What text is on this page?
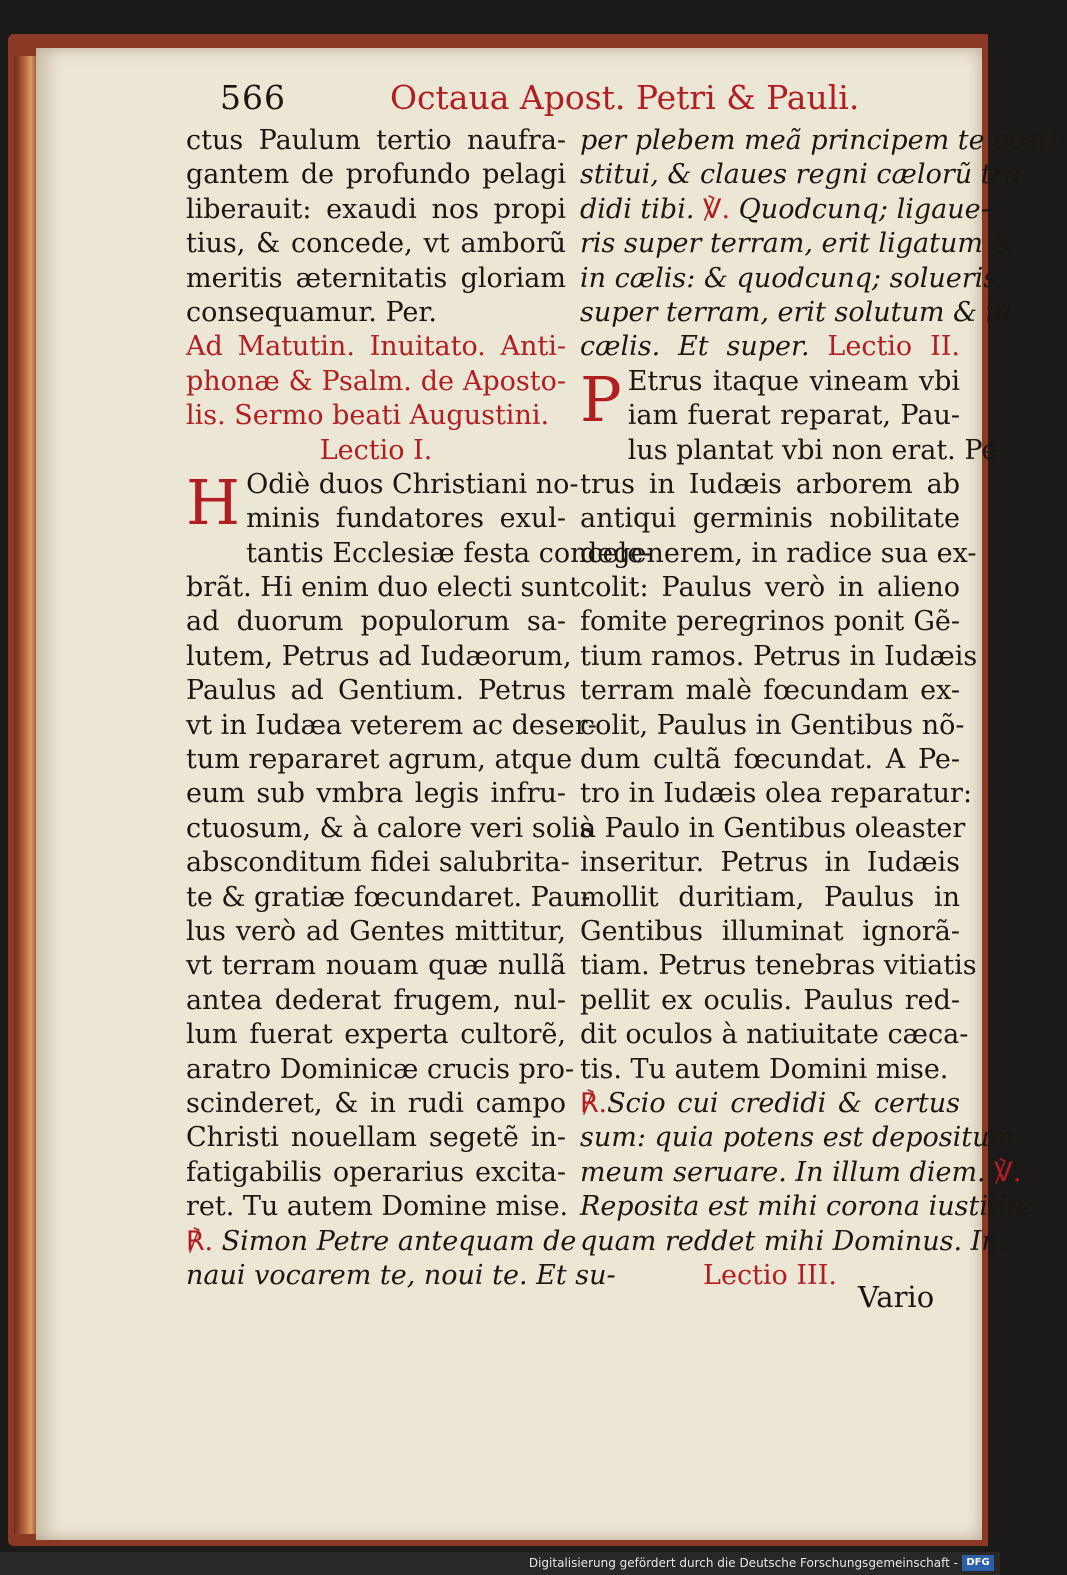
566	Octaua Apost. Petri & Pauli.
ctus Paulum tertio naufra-
gantem de profundo pelagi
liberauit: exaudi nos propi
tius, & concede, vt amborũ
meritis æternitatis gloriam
consequamur. Per.
Ad Matutin. Inuitato. Anti-
phonæ & Psalm. de Aposto-
lis. Sermo beati Augustini.
Lectio I.
H Odiè duos Christiani no-
minis fundatores exul-
tantis Ecclesiæ festa concele-
brãt. Hi enim duo electi sunt
ad duorum populorum sa-
lutem, Petrus ad Iudæorum,
Paulus ad Gentium. Petrus
vt in Iudæa veterem ac deser-
tum repararet agrum, atque
eum sub vmbra legis infru-
ctuosum, & à calore veri solis
absconditum fidei salubrita-
te & gratiæ fœcundaret. Pau-
lus verò ad Gentes mittitur,
vt terram nouam quæ nullã
antea dederat frugem, nul-
lum fuerat experta cultorẽ,
aratro Dominicæ crucis pro-
scinderet, & in rudi campo
Christi nouellam segetẽ in-
fatigabilis operarius excita-
ret. Tu autem Domine mise.
℟. Simon Petre antequam de
naui vocarem te, noui te. Et su-
per plebem meã principem te cõsti-
stitui, & claues regni cælorũ tra-
didi tibi. ℣. Quodcunq; ligaue-
ris super terram, erit ligatum &
in cælis: & quodcunq; solueris
super terram, erit solutum & in
cælis. Et super. Lectio II.
P Etrus itaque vineam vbi
iam fuerat reparat, Pau-
lus plantat vbi non erat. Pe-
trus in Iudæis arborem ab
antiqui germinis nobilitate
degenerem, in radice sua ex-
colit: Paulus verò in alieno
fomite peregrinos ponit Gẽ-
tium ramos. Petrus in Iudæis
terram malè fœcundam ex-
colit, Paulus in Gentibus nõ-
dum cultã fœcundat. A Pe-
tro in Iudæis olea reparatur:
à Paulo in Gentibus oleaster
inseritur. Petrus in Iudæis
mollit duritiam, Paulus in
Gentibus illuminat ignorã-
tiam. Petrus tenebras vitiatis
pellit ex oculis. Paulus red-
dit oculos à natiuitate cæca-
tis. Tu autem Domini mise.
℟.Scio cui credidi & certus
sum: quia potens est depositum
meum seruare. In illum diem. ℣.
Reposita est mihi corona iustitiæ
quam reddet mihi Dominus. In.
Lectio III.
Vario
Digitalisierung gefördert durch die Deutsche Forschungsgemeinschaft - DFG
